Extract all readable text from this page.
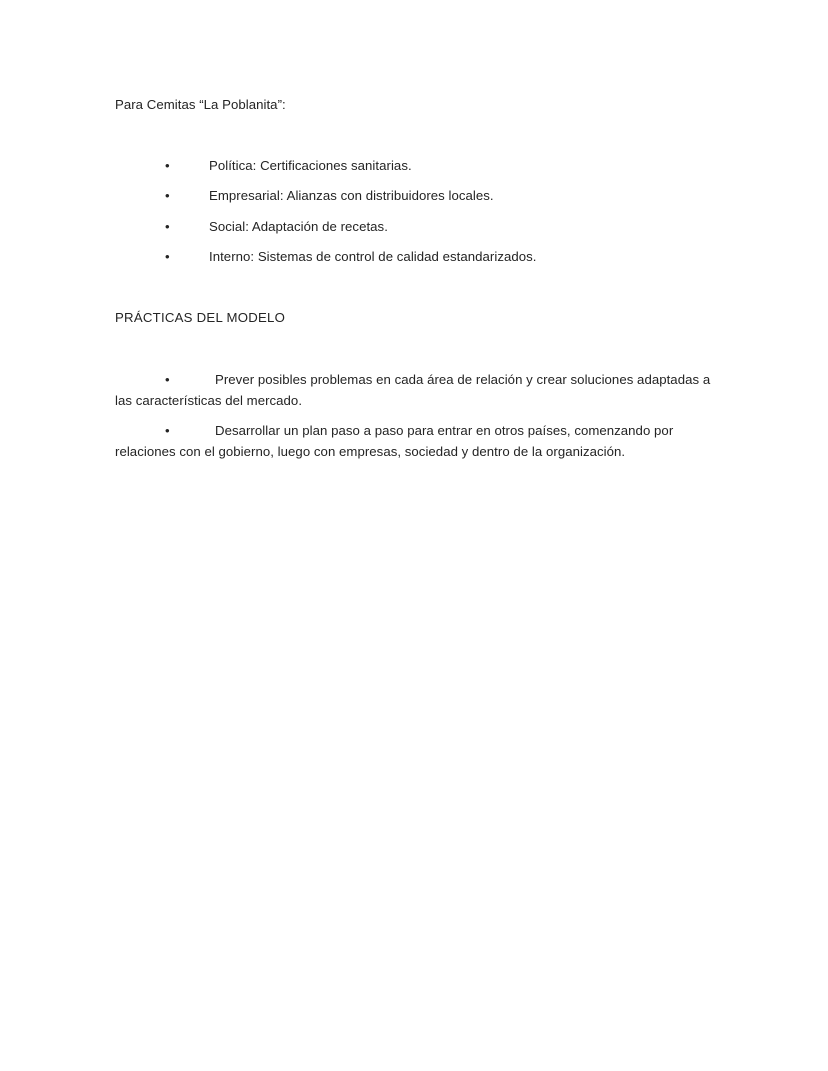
Para Cemitas “La Poblanita”:
•	Política: Certificaciones sanitarias.
•	Empresarial: Alianzas con distribuidores locales.
•	Social: Adaptación de recetas.
•	Interno: Sistemas de control de calidad estandarizados.
PRÁCTICAS DEL MODELO
•	Prever posibles problemas en cada área de relación y crear soluciones adaptadas a
las características del mercado.
•	Desarrollar un plan paso a paso para entrar en otros países, comenzando por
relaciones con el gobierno, luego con empresas, sociedad y dentro de la organización.
